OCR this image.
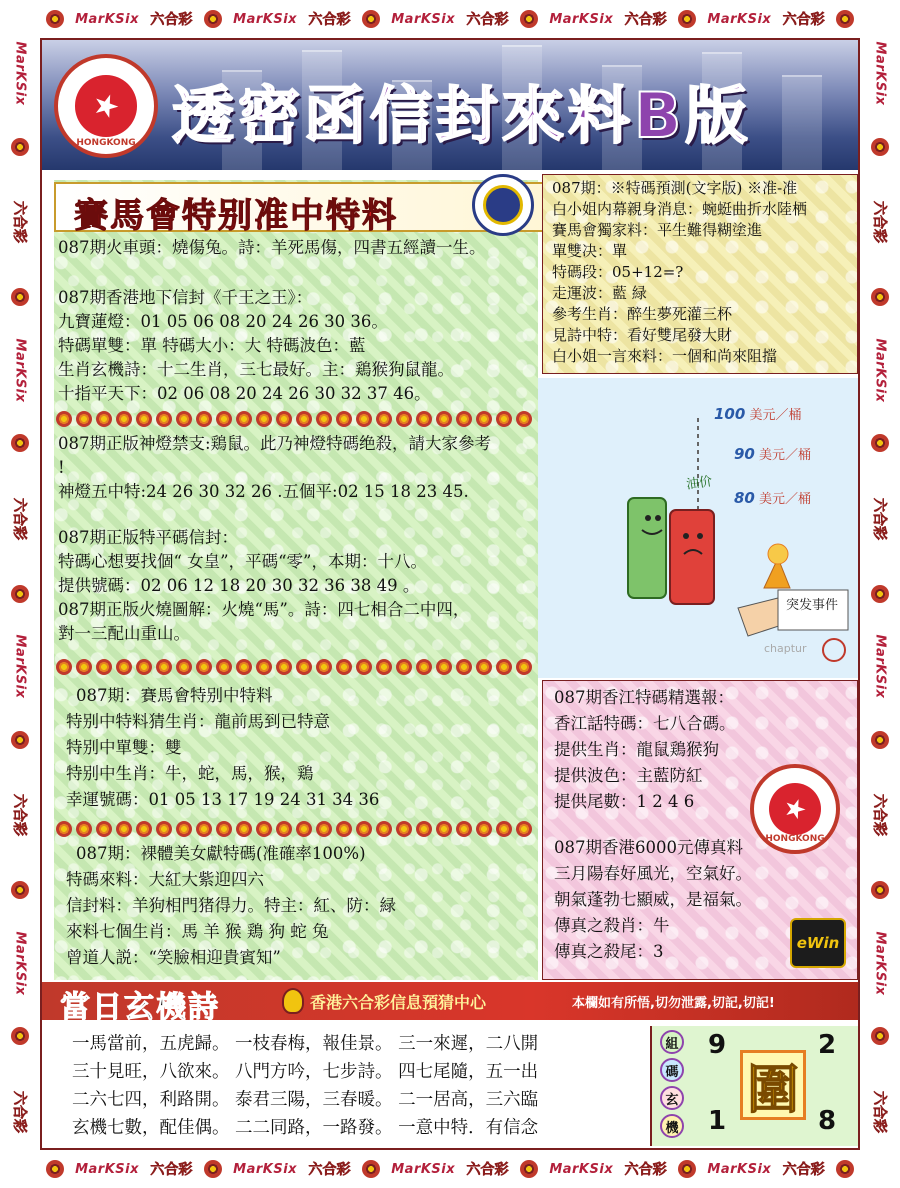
MarKSix 六合彩	MarKSix 六合彩	MarKSix 六合彩	MarKSix 六合彩	MarKSix 六合彩
MarKSix 六合彩	MarKSix 六合彩	MarKSix 六合彩	MarKSix 六合彩	MarKSix 六合彩
MarKSix
六合彩
MarKSix
六合彩
MarKSix
六合彩
MarKSix
六合彩
MarKSix
六合彩
MarKSix
六合彩
MarKSix
六合彩
MarKSix
六合彩
HONGKONG 透密函信封來料B版
賽馬會特别准中特料
087期火車頭：燒傷兔。詩：羊死馬傷，四書五經讀一生。
087期香港地下信封《千王之王》：
九寶蓮燈：01 05 06 08 20 24 26 30 36。
特碼單雙：單 特碼大小：大 特碼波色：藍
生肖玄機詩：十二生肖，三七最好。主：鶏猴狗鼠龍。
十指平天下：02 06 08 20 24 26 30 32 37 46。
087期正版神燈禁支:鶏鼠。此乃神燈特碼绝殺，請大家參考
!
神燈五中特:24 26 30 32 26 .五個平:02 15 18 23 45.
087期正版特平碼信封：
特碼心想要找個“ 女皇”，平碼“零”，本期：十八。
提供號碼：02 06 12 18 20 30 32 36 38 49 。
087期正版火燒圖解：火燒“馬”。詩：四七相合二中四，
對一三配山重山。
087期：賽馬會特别中特料
特别中特料猜生肖：龍前馬到已特意
特别中單雙：雙
特别中生肖：牛，蛇，馬，猴，鶏
幸運號碼：01 05 13 17 19 24 31 34 36
087期：裸體美女獻特碼(准確率100%)
特碼來料：大紅大紫迎四六
信封料：羊狗相門猪得力。特主：紅、防：緑
來料七個生肖：馬 羊 猴 鶏 狗 蛇 兔
曾道人説：“笑臉相迎貴賓知”
087期：※特碼預測(文字版) ※准-准
白小姐内幕親身消息：蜿蜓曲折水陸栖
賽馬會獨家料：平生難得糊塗進
單雙决：單
特碼段：05+12=?
走運波：藍 緑
參考生肖：醉生夢死灌三杯
見詩中特：看好雙尾發大財
白小姐一言來料：一個和尚來阻擋
100 美元／桶
90 美元／桶
80 美元／桶
油价
突发事件
chaptur
087期香江特碼精選報：
香江話特碼：七八合碼。
提供生肖：龍鼠鶏猴狗
提供波色：主藍防紅
提供尾數：1 2 4 6
HONGKONG
087期香港6000元傳真料
三月陽春好風光，空氣好。
朝氣蓬勃七顯威，是福氣。
傳真之殺肖：牛
傳真之殺尾：3	eWin
當日玄機詩	香港六合彩信息預猜中心	本欄如有所悟,切勿泄露,切記,切記!
一馬當前，五虎歸。 一枝春梅，報佳景。 三一來遲，二八開
三十見旺，八欲來。 八門方吟，七步詩。 四七尾隨，五一出
二六七四，利路開。 泰君三陽，三春暖。 二一居高，三六臨
玄機七數，配佳偶。 二二同路，一路發。 一意中特．有信念
組
碼
玄
機
9	2
1	8
圍
